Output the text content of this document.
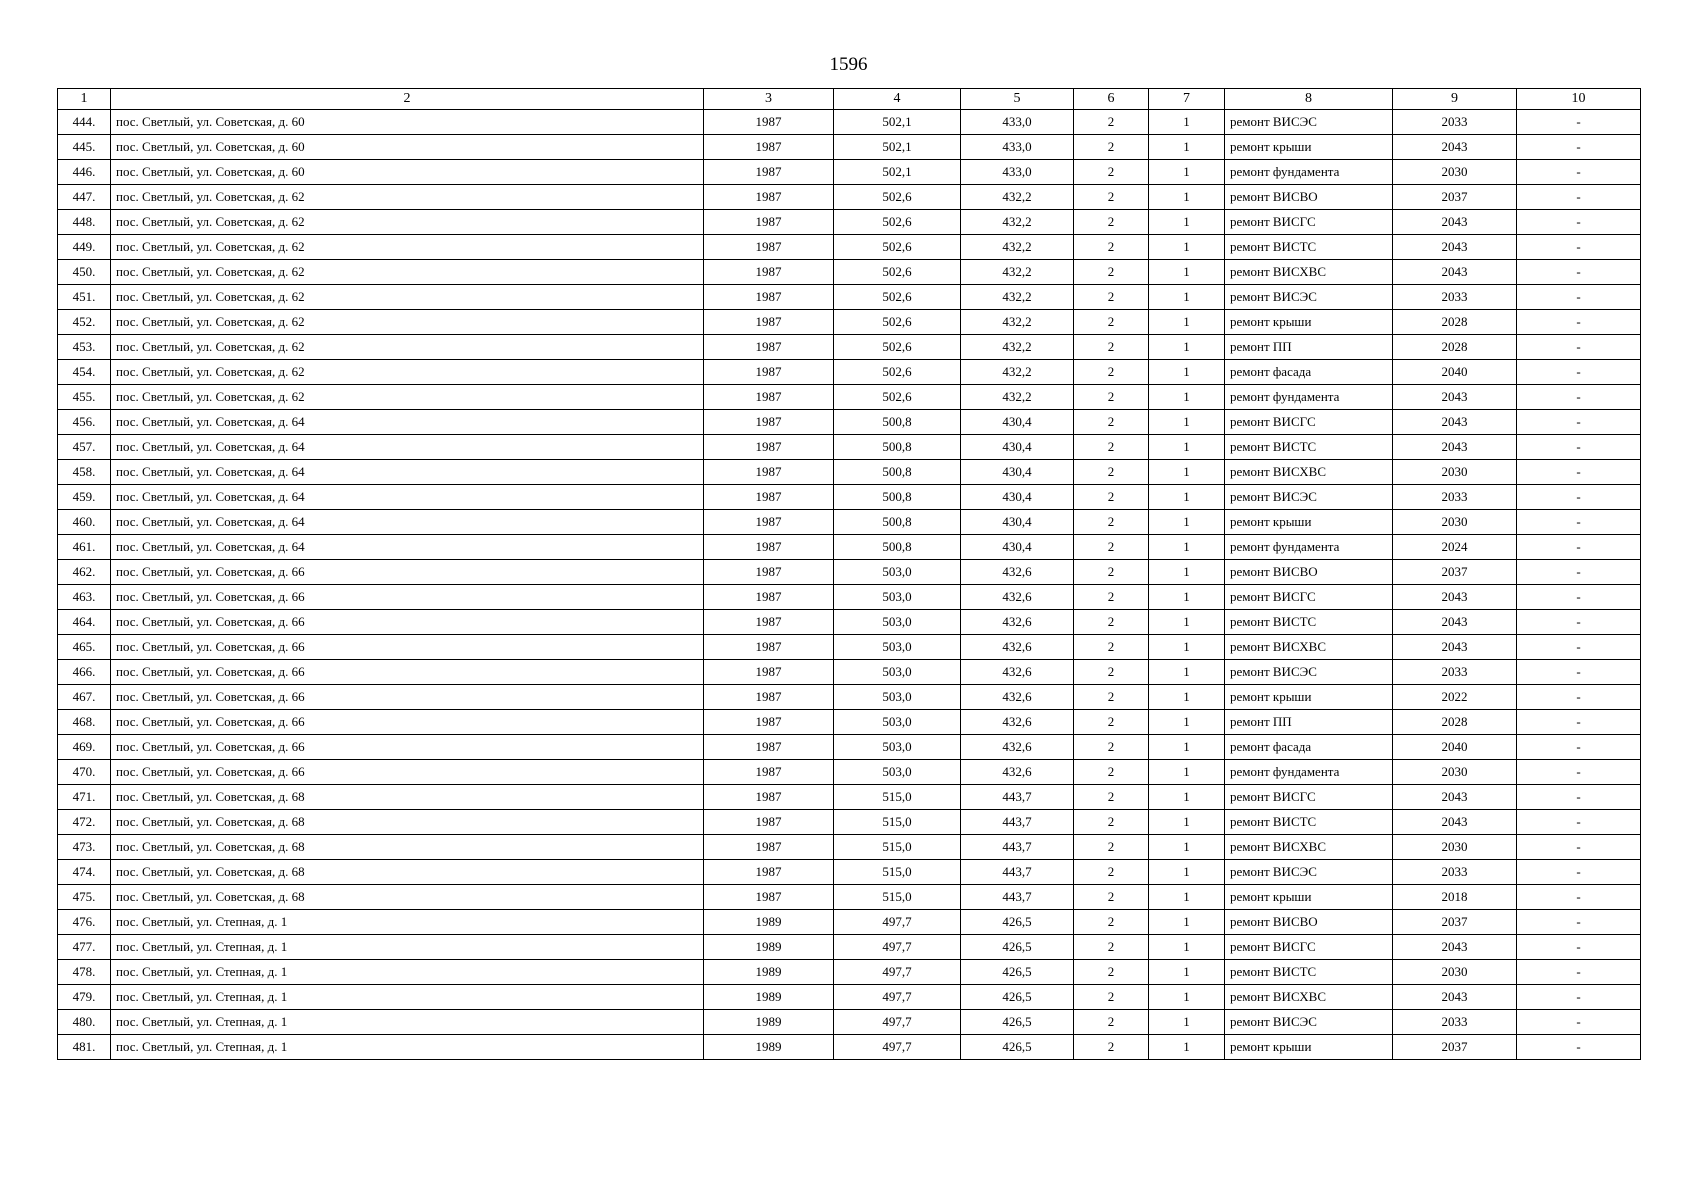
1596
1	2	3	4	5	6	7	8	9	10
444.	пос. Светлый, ул. Советская, д. 60	1987	502,1	433,0	2	1	ремонт ВИСЭС	2033	-
445.	пос. Светлый, ул. Советская, д. 60	1987	502,1	433,0	2	1	ремонт крыши	2043	-
446.	пос. Светлый, ул. Советская, д. 60	1987	502,1	433,0	2	1	ремонт фундамента	2030	-
447.	пос. Светлый, ул. Советская, д. 62	1987	502,6	432,2	2	1	ремонт ВИСВО	2037	-
448.	пос. Светлый, ул. Советская, д. 62	1987	502,6	432,2	2	1	ремонт ВИСГС	2043	-
449.	пос. Светлый, ул. Советская, д. 62	1987	502,6	432,2	2	1	ремонт ВИСТС	2043	-
450.	пос. Светлый, ул. Советская, д. 62	1987	502,6	432,2	2	1	ремонт ВИСХВС	2043	-
451.	пос. Светлый, ул. Советская, д. 62	1987	502,6	432,2	2	1	ремонт ВИСЭС	2033	-
452.	пос. Светлый, ул. Советская, д. 62	1987	502,6	432,2	2	1	ремонт крыши	2028	-
453.	пос. Светлый, ул. Советская, д. 62	1987	502,6	432,2	2	1	ремонт ПП	2028	-
454.	пос. Светлый, ул. Советская, д. 62	1987	502,6	432,2	2	1	ремонт фасада	2040	-
455.	пос. Светлый, ул. Советская, д. 62	1987	502,6	432,2	2	1	ремонт фундамента	2043	-
456.	пос. Светлый, ул. Советская, д. 64	1987	500,8	430,4	2	1	ремонт ВИСГС	2043	-
457.	пос. Светлый, ул. Советская, д. 64	1987	500,8	430,4	2	1	ремонт ВИСТС	2043	-
458.	пос. Светлый, ул. Советская, д. 64	1987	500,8	430,4	2	1	ремонт ВИСХВС	2030	-
459.	пос. Светлый, ул. Советская, д. 64	1987	500,8	430,4	2	1	ремонт ВИСЭС	2033	-
460.	пос. Светлый, ул. Советская, д. 64	1987	500,8	430,4	2	1	ремонт крыши	2030	-
461.	пос. Светлый, ул. Советская, д. 64	1987	500,8	430,4	2	1	ремонт фундамента	2024	-
462.	пос. Светлый, ул. Советская, д. 66	1987	503,0	432,6	2	1	ремонт ВИСВО	2037	-
463.	пос. Светлый, ул. Советская, д. 66	1987	503,0	432,6	2	1	ремонт ВИСГС	2043	-
464.	пос. Светлый, ул. Советская, д. 66	1987	503,0	432,6	2	1	ремонт ВИСТС	2043	-
465.	пос. Светлый, ул. Советская, д. 66	1987	503,0	432,6	2	1	ремонт ВИСХВС	2043	-
466.	пос. Светлый, ул. Советская, д. 66	1987	503,0	432,6	2	1	ремонт ВИСЭС	2033	-
467.	пос. Светлый, ул. Советская, д. 66	1987	503,0	432,6	2	1	ремонт крыши	2022	-
468.	пос. Светлый, ул. Советская, д. 66	1987	503,0	432,6	2	1	ремонт ПП	2028	-
469.	пос. Светлый, ул. Советская, д. 66	1987	503,0	432,6	2	1	ремонт фасада	2040	-
470.	пос. Светлый, ул. Советская, д. 66	1987	503,0	432,6	2	1	ремонт фундамента	2030	-
471.	пос. Светлый, ул. Советская, д. 68	1987	515,0	443,7	2	1	ремонт ВИСГС	2043	-
472.	пос. Светлый, ул. Советская, д. 68	1987	515,0	443,7	2	1	ремонт ВИСТС	2043	-
473.	пос. Светлый, ул. Советская, д. 68	1987	515,0	443,7	2	1	ремонт ВИСХВС	2030	-
474.	пос. Светлый, ул. Советская, д. 68	1987	515,0	443,7	2	1	ремонт ВИСЭС	2033	-
475.	пос. Светлый, ул. Советская, д. 68	1987	515,0	443,7	2	1	ремонт крыши	2018	-
476.	пос. Светлый, ул. Степная, д. 1	1989	497,7	426,5	2	1	ремонт ВИСВО	2037	-
477.	пос. Светлый, ул. Степная, д. 1	1989	497,7	426,5	2	1	ремонт ВИСГС	2043	-
478.	пос. Светлый, ул. Степная, д. 1	1989	497,7	426,5	2	1	ремонт ВИСТС	2030	-
479.	пос. Светлый, ул. Степная, д. 1	1989	497,7	426,5	2	1	ремонт ВИСХВС	2043	-
480.	пос. Светлый, ул. Степная, д. 1	1989	497,7	426,5	2	1	ремонт ВИСЭС	2033	-
481.	пос. Светлый, ул. Степная, д. 1	1989	497,7	426,5	2	1	ремонт крыши	2037	-
